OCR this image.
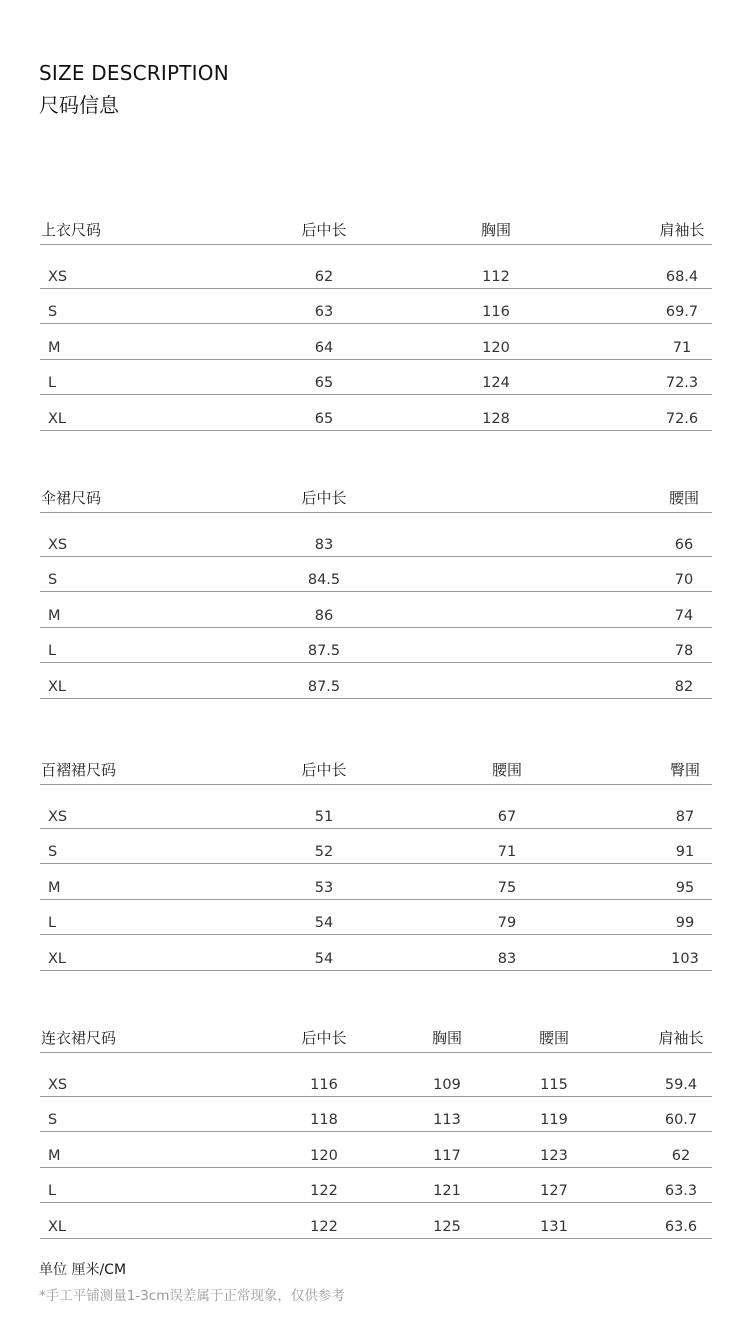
SIZE DESCRIPTION
尺码信息
上衣尺码	后中长	胸围	肩袖长
XS	62	112	68.4
S	63	116	69.7
M	64	120	71
L	65	124	72.3
XL	65	128	72.6
伞裙尺码	后中长	腰围
XS	83	66
S	84.5	70
M	86	74
L	87.5	78
XL	87.5	82
百褶裙尺码	后中长	腰围	臀围
XS	51	67	87
S	52	71	91
M	53	75	95
L	54	79	99
XL	54	83	103
连衣裙尺码	后中长	胸围	腰围	肩袖长
XS	116	109	115	59.4
S	118	113	119	60.7
M	120	117	123	62
L	122	121	127	63.3
XL	122	125	131	63.6
单位 厘米/CM
*手工平铺测量1-3cm误差属于正常现象，仅供参考
